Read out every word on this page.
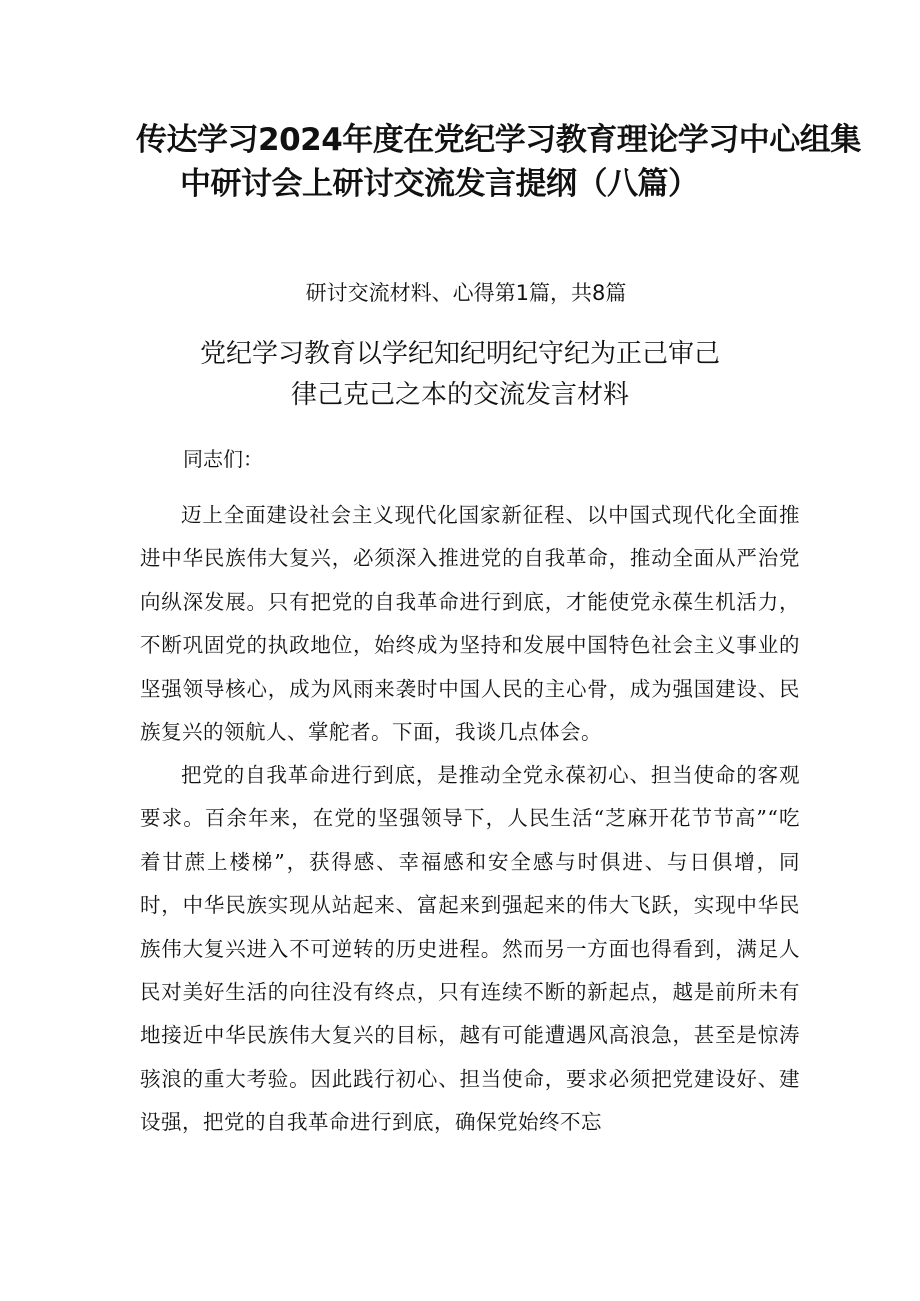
传达学习2024年度在党纪学习教育理论学习中心组集
中研讨会上研讨交流发言提纲（八篇）

研讨交流材料、心得第1篇，共8篇

党纪学习教育以学纪知纪明纪守纪为正己审己
律己克己之本的交流发言材料

同志们：

迈上全面建设社会主义现代化国家新征程、以中国式现代化全面推进中华民族伟大复兴，必须深入推进党的自我革命，推动全面从严治党向纵深发展。只有把党的自我革命进行到底，才能使党永葆生机活力，不断巩固党的执政地位，始终成为坚持和发展中国特色社会主义事业的坚强领导核心，成为风雨来袭时中国人民的主心骨，成为强国建设、民族复兴的领航人、掌舵者。下面，我谈几点体会。

把党的自我革命进行到底，是推动全党永葆初心、担当使命的客观要求。百余年来，在党的坚强领导下，人民生活“芝麻开花节节高”“吃着甘蔗上楼梯”，获得感、幸福感和安全感与时俱进、与日俱增，同时，中华民族实现从站起来、富起来到强起来的伟大飞跃，实现中华民族伟大复兴进入不可逆转的历史进程。然而另一方面也得看到，满足人民对美好生活的向往没有终点，只有连续不断的新起点，越是前所未有地接近中华民族伟大复兴的目标，越有可能遭遇风高浪急，甚至是惊涛骇浪的重大考验。因此践行初心、担当使命，要求必须把党建设好、建设强，把党的自我革命进行到底，确保党始终不忘
